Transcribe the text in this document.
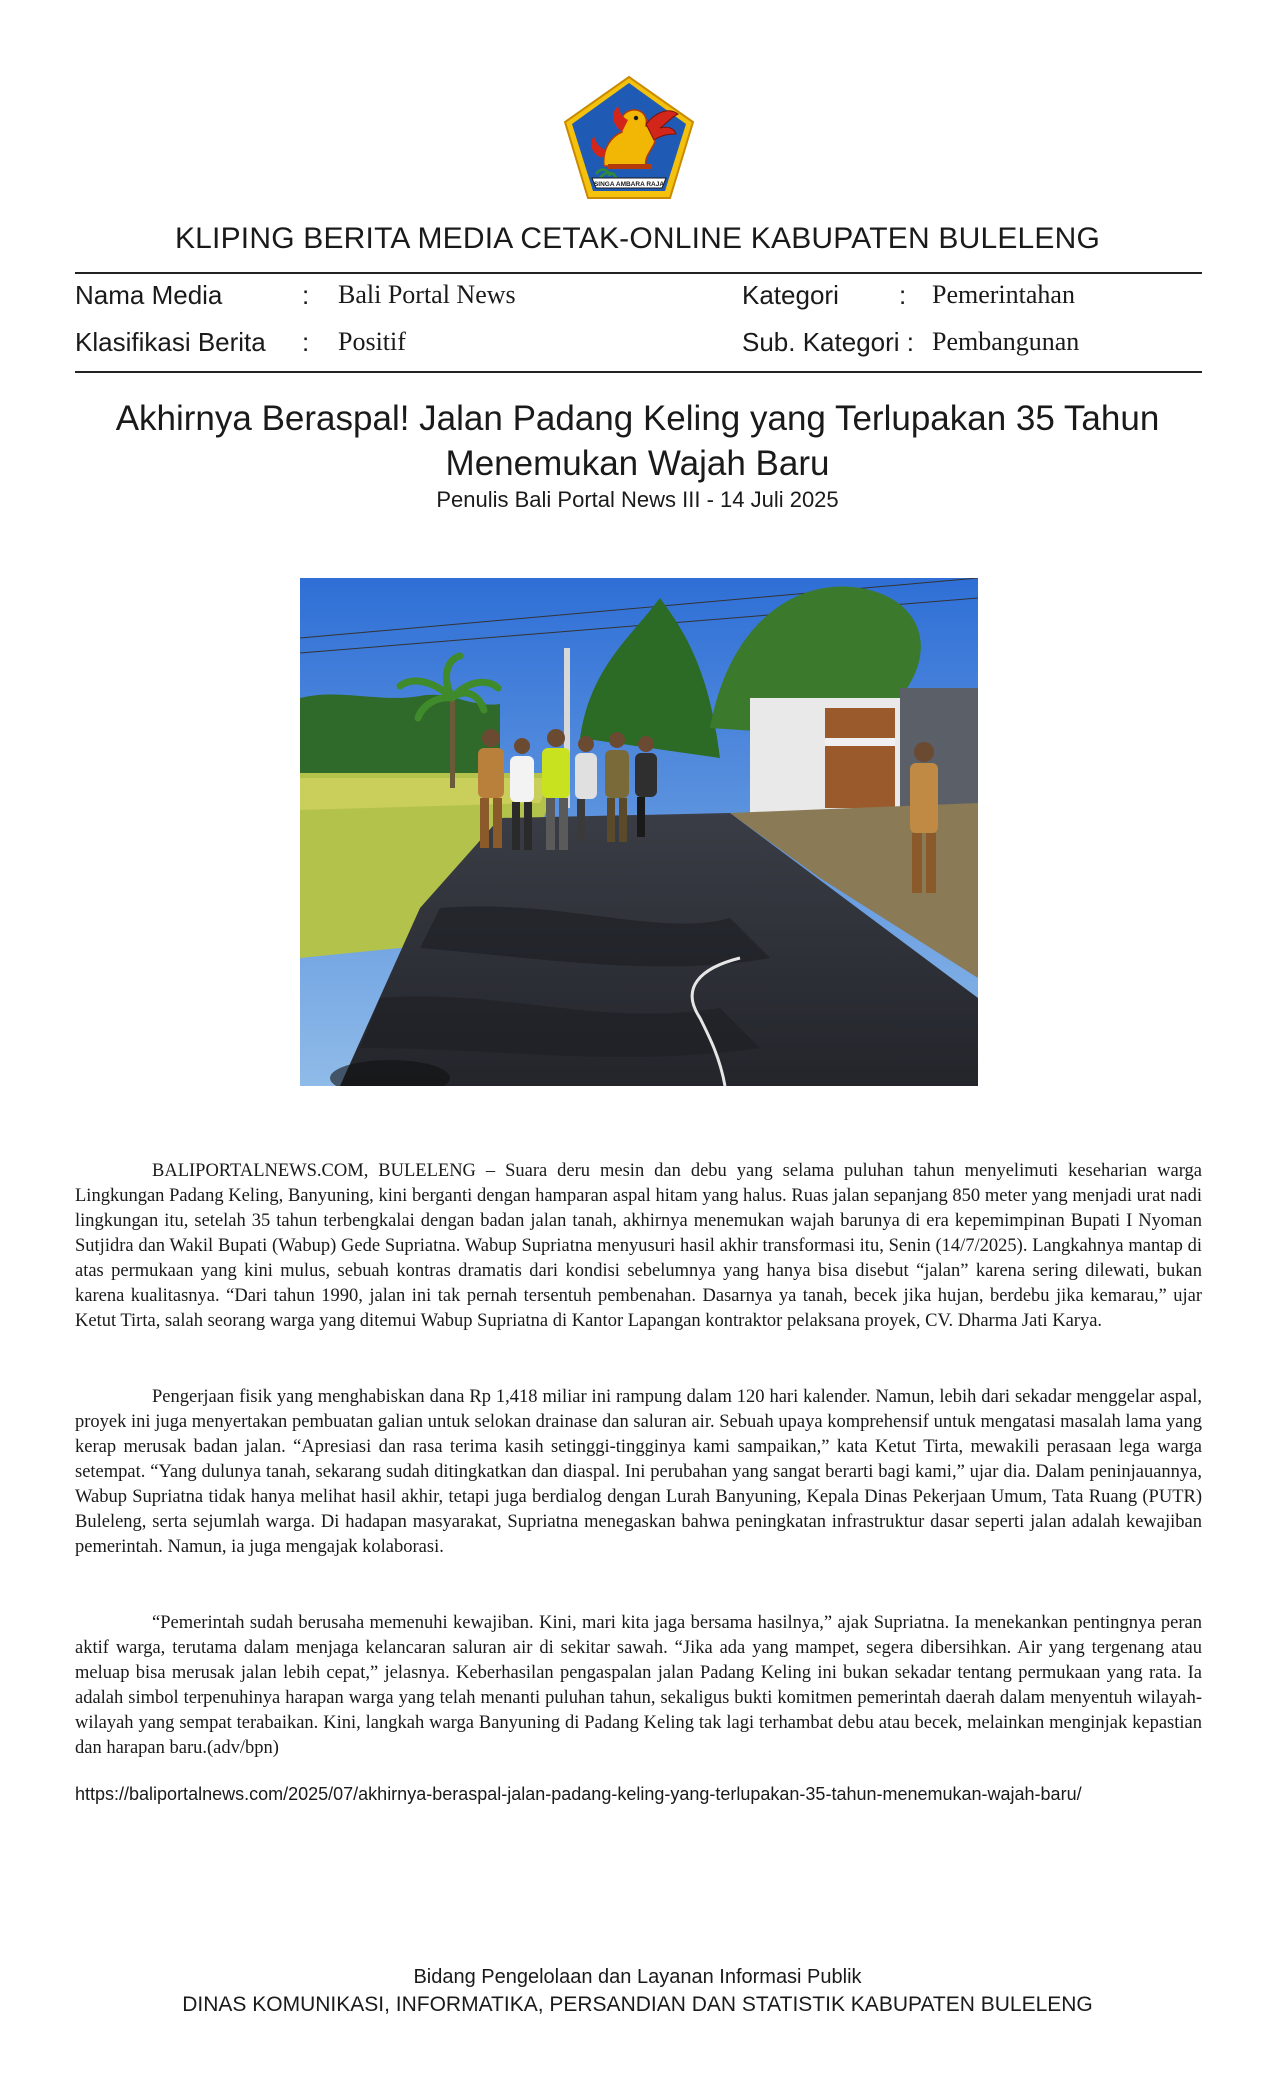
SINGA AMBARA RAJA
KLIPING BERITA MEDIA CETAK-ONLINE KABUPATEN BULELENG
Nama Media	: Bali Portal News
Klasifikasi Berita : Positif
Kategori : Pemerintahan
Sub. Kategori : Pembangunan
Akhirnya Beraspal! Jalan Padang Keling yang Terlupakan 35 Tahun Menemukan Wajah Baru
Penulis Bali Portal News III - 14 Juli 2025

BALIPORTALNEWS.COM, BULELENG – Suara deru mesin dan debu yang selama puluhan tahun menyelimuti keseharian warga Lingkungan Padang Keling, Banyuning, kini berganti dengan hamparan aspal hitam yang halus. Ruas jalan sepanjang 850 meter yang menjadi urat nadi lingkungan itu, setelah 35 tahun terbengkalai dengan badan jalan tanah, akhirnya menemukan wajah barunya di era kepemimpinan Bupati I Nyoman Sutjidra dan Wakil Bupati (Wabup) Gede Supriatna. Wabup Supriatna menyusuri hasil akhir transformasi itu, Senin (14/7/2025). Langkahnya mantap di atas permukaan yang kini mulus, sebuah kontras dramatis dari kondisi sebelumnya yang hanya bisa disebut “jalan” karena sering dilewati, bukan karena kualitasnya. “Dari tahun 1990, jalan ini tak pernah tersentuh pembenahan. Dasarnya ya tanah, becek jika hujan, berdebu jika kemarau,” ujar Ketut Tirta, salah seorang warga yang ditemui Wabup Supriatna di Kantor Lapangan kontraktor pelaksana proyek, CV. Dharma Jati Karya.

Pengerjaan fisik yang menghabiskan dana Rp 1,418 miliar ini rampung dalam 120 hari kalender. Namun, lebih dari sekadar menggelar aspal, proyek ini juga menyertakan pembuatan galian untuk selokan drainase dan saluran air. Sebuah upaya komprehensif untuk mengatasi masalah lama yang kerap merusak badan jalan. “Apresiasi dan rasa terima kasih setinggi-tingginya kami sampaikan,” kata Ketut Tirta, mewakili perasaan lega warga setempat. “Yang dulunya tanah, sekarang sudah ditingkatkan dan diaspal. Ini perubahan yang sangat berarti bagi kami,” ujar dia. Dalam peninjauannya, Wabup Supriatna tidak hanya melihat hasil akhir, tetapi juga berdialog dengan Lurah Banyuning, Kepala Dinas Pekerjaan Umum, Tata Ruang (PUTR) Buleleng, serta sejumlah warga. Di hadapan masyarakat, Supriatna menegaskan bahwa peningkatan infrastruktur dasar seperti jalan adalah kewajiban pemerintah. Namun, ia juga mengajak kolaborasi.

“Pemerintah sudah berusaha memenuhi kewajiban. Kini, mari kita jaga bersama hasilnya,” ajak Supriatna. Ia menekankan pentingnya peran aktif warga, terutama dalam menjaga kelancaran saluran air di sekitar sawah. “Jika ada yang mampet, segera dibersihkan. Air yang tergenang atau meluap bisa merusak jalan lebih cepat,” jelasnya. Keberhasilan pengaspalan jalan Padang Keling ini bukan sekadar tentang permukaan yang rata. Ia adalah simbol terpenuhinya harapan warga yang telah menanti puluhan tahun, sekaligus bukti komitmen pemerintah daerah dalam menyentuh wilayah-wilayah yang sempat terabaikan. Kini, langkah warga Banyuning di Padang Keling tak lagi terhambat debu atau becek, melainkan menginjak kepastian dan harapan baru.(adv/bpn)

https://baliportalnews.com/2025/07/akhirnya-beraspal-jalan-padang-keling-yang-terlupakan-35-tahun-menemukan-wajah-baru/
Bidang Pengelolaan dan Layanan Informasi Publik
DINAS KOMUNIKASI, INFORMATIKA, PERSANDIAN DAN STATISTIK KABUPATEN BULELENG
